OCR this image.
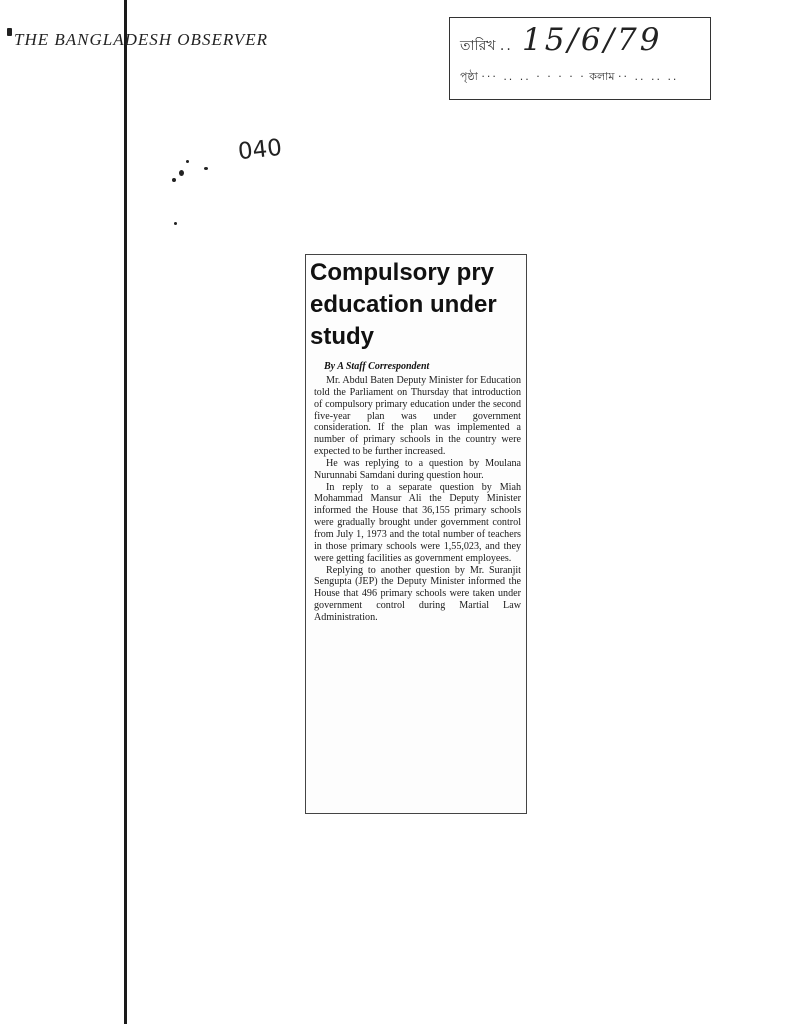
THE BANGLADESH OBSERVER	তারিখ .. 15/6/79
পৃষ্ঠা ··· .. .. · · · · · কলাম ·· .. .. ..
040
Compulsory pry education under study
By A Staff Correspondent

Mr. Abdul Baten Deputy Minister for Education told the Parliament on Thursday that introduction of compulsory primary education under the second five-year plan was under government consideration. If the plan was implemented a number of primary schools in the country were expected to be further increased.

He was replying to a question by Moulana Nurunnabi Samdani during question hour.

In reply to a separate question by Miah Mohammad Mansur Ali the Deputy Minister informed the House that 36,155 primary schools were gradually brought under government control from July 1, 1973 and the total number of teachers in those primary schools were 1,55,023, and they were getting facilities as government employees.

Replying to another question by Mr. Suranjit Sengupta (JEP) the Deputy Minister informed the House that 496 primary schools were taken under government control during Martial Law Administration.
